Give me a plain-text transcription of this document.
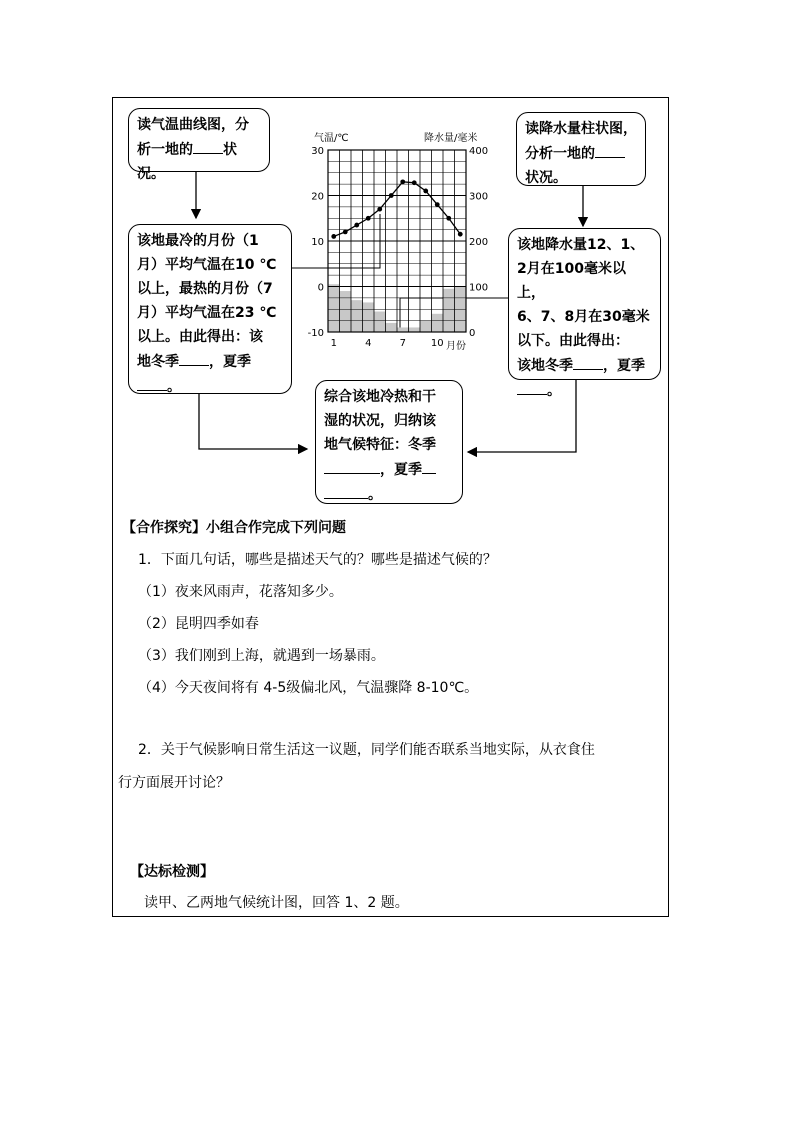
读气温曲线图，分
析一地的 状况。
读降水量柱状图，
分析一地的
状况。
该地最冷的月份（1
月）平均气温在10 ℃
以上，最热的月份（7
月）平均气温在23 ℃
以上。由此得出：该
地冬季 ，夏季
。
该地降水量12、1、
2月在100毫米以上，
6、7、8月在30毫米
以下。由此得出：
该地冬季 ，夏季
。
综合该地冷热和干
湿的状况，归纳该
地气候特征：冬季
，夏季
。
30
20
10
0
-10
400
300
200
100
0
1	4	7 10
气温/℃	降水量/毫米
月份
【合作探究】小组合作完成下列问题
1．下面几句话，哪些是描述天气的？哪些是描述气候的？
（1）夜来风雨声，花落知多少。
（2）昆明四季如春
（3）我们刚到上海，就遇到一场暴雨。
（4）今天夜间将有 4-5级偏北风，气温骤降 8-10℃。
2．关于气候影响日常生活这一议题，同学们能否联系当地实际，从衣食住
行方面展开讨论？
【达标检测】
读甲、乙两地气候统计图，回答 1、2 题。
